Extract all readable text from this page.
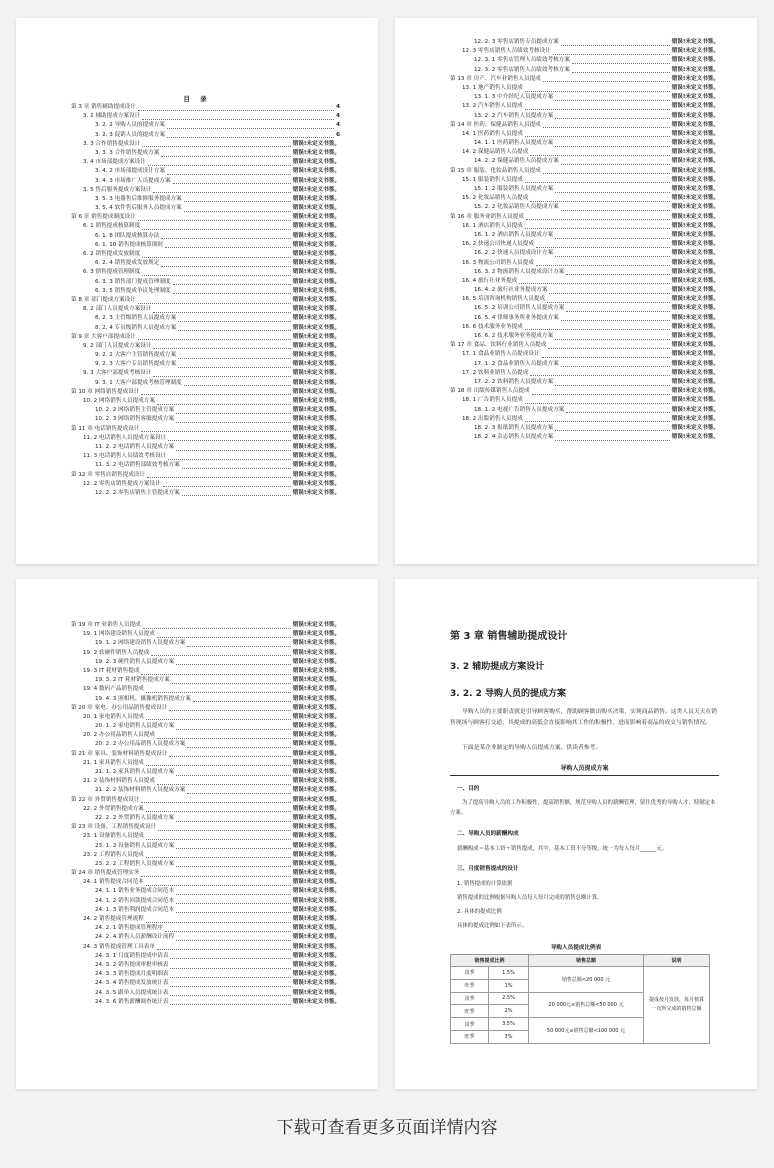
目 录
第 3 章 销售辅助提成设计	4
3. 2 辅助提成方案设计	4
3. 2. 2 导购人员的提成方案	4
3. 2. 3 促销人员的提成方案	6
3. 3 合作销售提成设计	错误!未定义书签。
3. 3. 3 合作销售提成方案	错误!未定义书签。
3. 4 市场部提成方案设计	错误!未定义书签。
3. 4. 2 市场部提成设计方案	错误!未定义书签。
3. 4. 3 市场推广人员提成方案	错误!未定义书签。
3. 5 售后服务提成方案设计	错误!未定义书签。
3. 5. 3 电器售后维修服务提成方案	错误!未定义书签。
3. 5. 4 软件售后服务人员提成方案	错误!未定义书签。
第 6 章 销售提成制度设计	错误!未定义书签。
6. 1 销售提成核算制度	错误!未定义书签。
6. 1. 8 团队提成核算办法	错误!未定义书签。
6. 1. 10 销售提成核算细则	错误!未定义书签。
6. 2 销售提成发放制度	错误!未定义书签。
6. 2. 4 销售提成发放规定	错误!未定义书签。
6. 3 销售提成管理制度	错误!未定义书签。
6. 3. 3 销售部门提成管理制度	错误!未定义书签。
6. 3. 5 销售提成争议处理制度	错误!未定义书签。
第 8 章 部门提成方案设计	错误!未定义书签。
8. 2 部门人员提成方案设计	错误!未定义书签。
8. 2. 3 主管级销售人员提成方案	错误!未定义书签。
8. 2. 4 专员级销售人员提成方案	错误!未定义书签。
第 9 章 大客户部提成设计	错误!未定义书签。
9. 2 部门人员提成方案设计	错误!未定义书签。
9. 2. 2 大客户主管销售提成方案	错误!未定义书签。
9. 2. 3 大客户专员销售提成方案	错误!未定义书签。
9. 3 大客户部提成考核设计	错误!未定义书签。
9. 3. 1 大客户部提成考核管理制度	错误!未定义书签。
第 10 章 网络销售提成设计	错误!未定义书签。
10. 2 网络销售人员提成方案	错误!未定义书签。
10. 2. 2 网络销售主管提成方案	错误!未定义书签。
10. 2. 3 网络销售客服提成方案	错误!未定义书签。
第 11 章 电话销售提成设计	错误!未定义书签。
11. 2 电话销售人员提成方案设计	错误!未定义书签。
11. 2. 2 电话销售人员提成方案	错误!未定义书签。
11. 3 电话销售人员绩效考核设计	错误!未定义书签。
11. 3. 2 电话销售部绩效考核方案	错误!未定义书签。
第 12 章 零售店销售提成设计	错误!未定义书签。
12. 2 零售店销售提成方案设计	错误!未定义书签。
12. 2. 2 零售店销售主管提成方案	错误!未定义书签。
12. 2. 3 零售店销售专员提成方案	错误!未定义书签。
12. 3 零售店销售人员绩效考核设计	错误!未定义书签。
12. 3. 1 零售店管理人员绩效考核方案	错误!未定义书签。
12. 3. 2 零售店销售人员绩效考核方案	错误!未定义书签。
第 13 章 房产、汽车业销售人员提成	错误!未定义书签。
13. 1 地产销售人员提成	错误!未定义书签。
13. 1. 3 中介经纪人员提成方案	错误!未定义书签。
13. 2 汽车销售人员提成	错误!未定义书签。
13. 2. 2 汽车销售人员提成方案	错误!未定义书签。
第 14 章 医药、保健品销售人员提成	错误!未定义书签。
14. 1 医药销售人员提成	错误!未定义书签。
14. 1. 1 医药销售人员提成方案	错误!未定义书签。
14. 2 保健品销售人员提成	错误!未定义书签。
14. 2. 2 保健品销售人员提成方案	错误!未定义书签。
第 15 章 服装、化妆品销售人员提成	错误!未定义书签。
15. 1 服装销售人员提成	错误!未定义书签。
15. 1. 2 服装销售人员提成方案	错误!未定义书签。
15. 2 化妆品销售人员提成	错误!未定义书签。
15. 2. 2 化妆品销售人员提成方案	错误!未定义书签。
第 16 章 服务业销售人员提成	错误!未定义书签。
16. 1 酒店销售人员提成	错误!未定义书签。
16. 1. 2 酒店销售人员提成方案	错误!未定义书签。
16. 2 快递公司快递人员提成	错误!未定义书签。
16. 2. 2 快递人员提成设计方案	错误!未定义书签。
16. 3 物流公司销售人员提成	错误!未定义书签。
16. 3. 2 物流销售人员提成设计方案	错误!未定义书签。
16. 4 旅行社业务提成	错误!未定义书签。
16. 4. 2 旅行社业务提成方案	错误!未定义书签。
16. 5 培训咨询机构销售人员提成	错误!未定义书签。
16. 5. 2 培训公司销售人员提成方案	错误!未定义书签。
16. 5. 4 律师事务所业务提成方案	错误!未定义书签。
16. 6 技术服务业务提成	错误!未定义书签。
16. 6. 2 技术服务业务提成方案	错误!未定义书签。
第 17 章 食品、饮料行业销售人员提成	错误!未定义书签。
17. 1 食品业销售人员提成设计	错误!未定义书签。
17. 1. 2 食品业销售人员提成方案	错误!未定义书签。
17. 2 饮料业销售人员提成	错误!未定义书签。
17. 2. 2 饮料销售人员提成方案	错误!未定义书签。
第 18 章 出版传媒销售人员提成	错误!未定义书签。
18. 1 广告销售人员提成	错误!未定义书签。
18. 1. 2 电视广告销售人员提成方案	错误!未定义书签。
18. 2 出版销售人员提成	错误!未定义书签。
18. 2. 3 报纸销售人员提成方案	错误!未定义书签。
18. 2. 4 杂志销售人员提成方案	错误!未定义书签。
第 19 章 IT 业销售人员提成	错误!未定义书签。
19. 1 网络建设销售人员提成	错误!未定义书签。
19. 1. 2 网络建设销售人员提成方案	错误!未定义书签。
19. 2 软硬件销售人员提成	错误!未定义书签。
19. 2. 3 硬件销售人员提成方案	错误!未定义书签。
19. 3 IT 耗材销售提成	错误!未定义书签。
19. 3. 2 IT 耗材销售提成方案	错误!未定义书签。
19. 4 数码产品销售提成	错误!未定义书签。
19. 4. 3 照相机、摄像机销售提成方案	错误!未定义书签。
第 20 章 家电、办公用品销售提成设计	错误!未定义书签。
20. 1 家电销售人员提成	错误!未定义书签。
20. 1. 2 家电销售人员提成方案	错误!未定义书签。
20. 2 办公用品销售人员提成	错误!未定义书签。
20. 2. 2 办公用品销售人员提成方案	错误!未定义书签。
第 21 章 家具、装饰材料销售提成设计	错误!未定义书签。
21. 1 家具销售人员提成	错误!未定义书签。
21. 1. 2 家具销售人员提成方案	错误!未定义书签。
21. 2 装饰材料销售人员提成	错误!未定义书签。
21. 2. 2 装饰材料销售人员提成方案	错误!未定义书签。
第 22 章 外贸销售提成设计	错误!未定义书签。
22. 2 外贸销售提成方案	错误!未定义书签。
22. 2. 2 外贸销售人员提成方案	错误!未定义书签。
第 23 章 设备、工程销售提成设计	错误!未定义书签。
23. 1 设备销售人员提成	错误!未定义书签。
23. 1. 2 设备销售人员提成方案	错误!未定义书签。
23. 2 工程销售人员提成	错误!未定义书签。
23. 2. 2 工程销售人员提成方案	错误!未定义书签。
第 24 章 销售提成管理实务	错误!未定义书签。
24. 1 销售提成合同范本	错误!未定义书签。
24. 1. 1 销售业务提成合同范本	错误!未定义书签。
24. 1. 2 销售回款提成合同范本	错误!未定义书签。
24. 1. 3 销售利润提成合同范本	错误!未定义书签。
24. 2 销售提成管理流程	错误!未定义书签。
24. 2. 1 销售提成管理程序	错误!未定义书签。
24. 2. 4 销售人员薪酬设计流程	错误!未定义书签。
24. 3 销售提成管理工具表单	错误!未定义书签。
24. 3. 1 月度销售提成申请表	错误!未定义书签。
24. 3. 2 销售提成审批审核表	错误!未定义书签。
24. 3. 3 销售提成月度明细表	错误!未定义书签。
24. 3. 4 销售提成发放统计表	错误!未定义书签。
24. 3. 5 跟单人员提成统计表	错误!未定义书签。
24. 3. 6 销售薪酬调查统计表	错误!未定义书签。
第 3 章 销售辅助提成设计
3. 2 辅助提成方案设计
3. 2. 2 导购人员的提成方案
导购人员的主要职责就是引导顾客购买，帮助顾客做出购买决策，实现商品销售。这类人员天天在销售现场与顾客打交道，其提成的高低会直接影响其工作的积极性，进而影响着商品的成交与销售情况。
下面是某企业制定的导购人员提成方案，供读者参考。
导购人员提成方案
一、目的
为了提高导购人员的工作积极性，提高销售额，规范导购人员的薪酬管理，留住优秀的导购人才，特制定本方案。
二、导购人员的薪酬构成
薪酬构成＝基本工资＋销售提成，其中，基本工资不分等级，统一为每人每月______元。
三、月度销售提成的设计
1. 销售提成的计算依据
销售提成的比例根据导购人员每人每月完成的销售总额计算。
2. 具体的提成比例
具体的提成比例如下表所示。
导购人员提成比例表
销售提成比例		销售总额	说明
淡季	1.5%	销售总额<20 000 元	提成按月发放，每月核算一次所完成的销售总额
旺季	1%		
淡季	2.5%	20 000元≤销售总额<50 000 元	
旺季	2%		
淡季	3.5%	50 000元≤销售总额<100 000 元	
旺季	3%		
下载可查看更多页面详情内容
